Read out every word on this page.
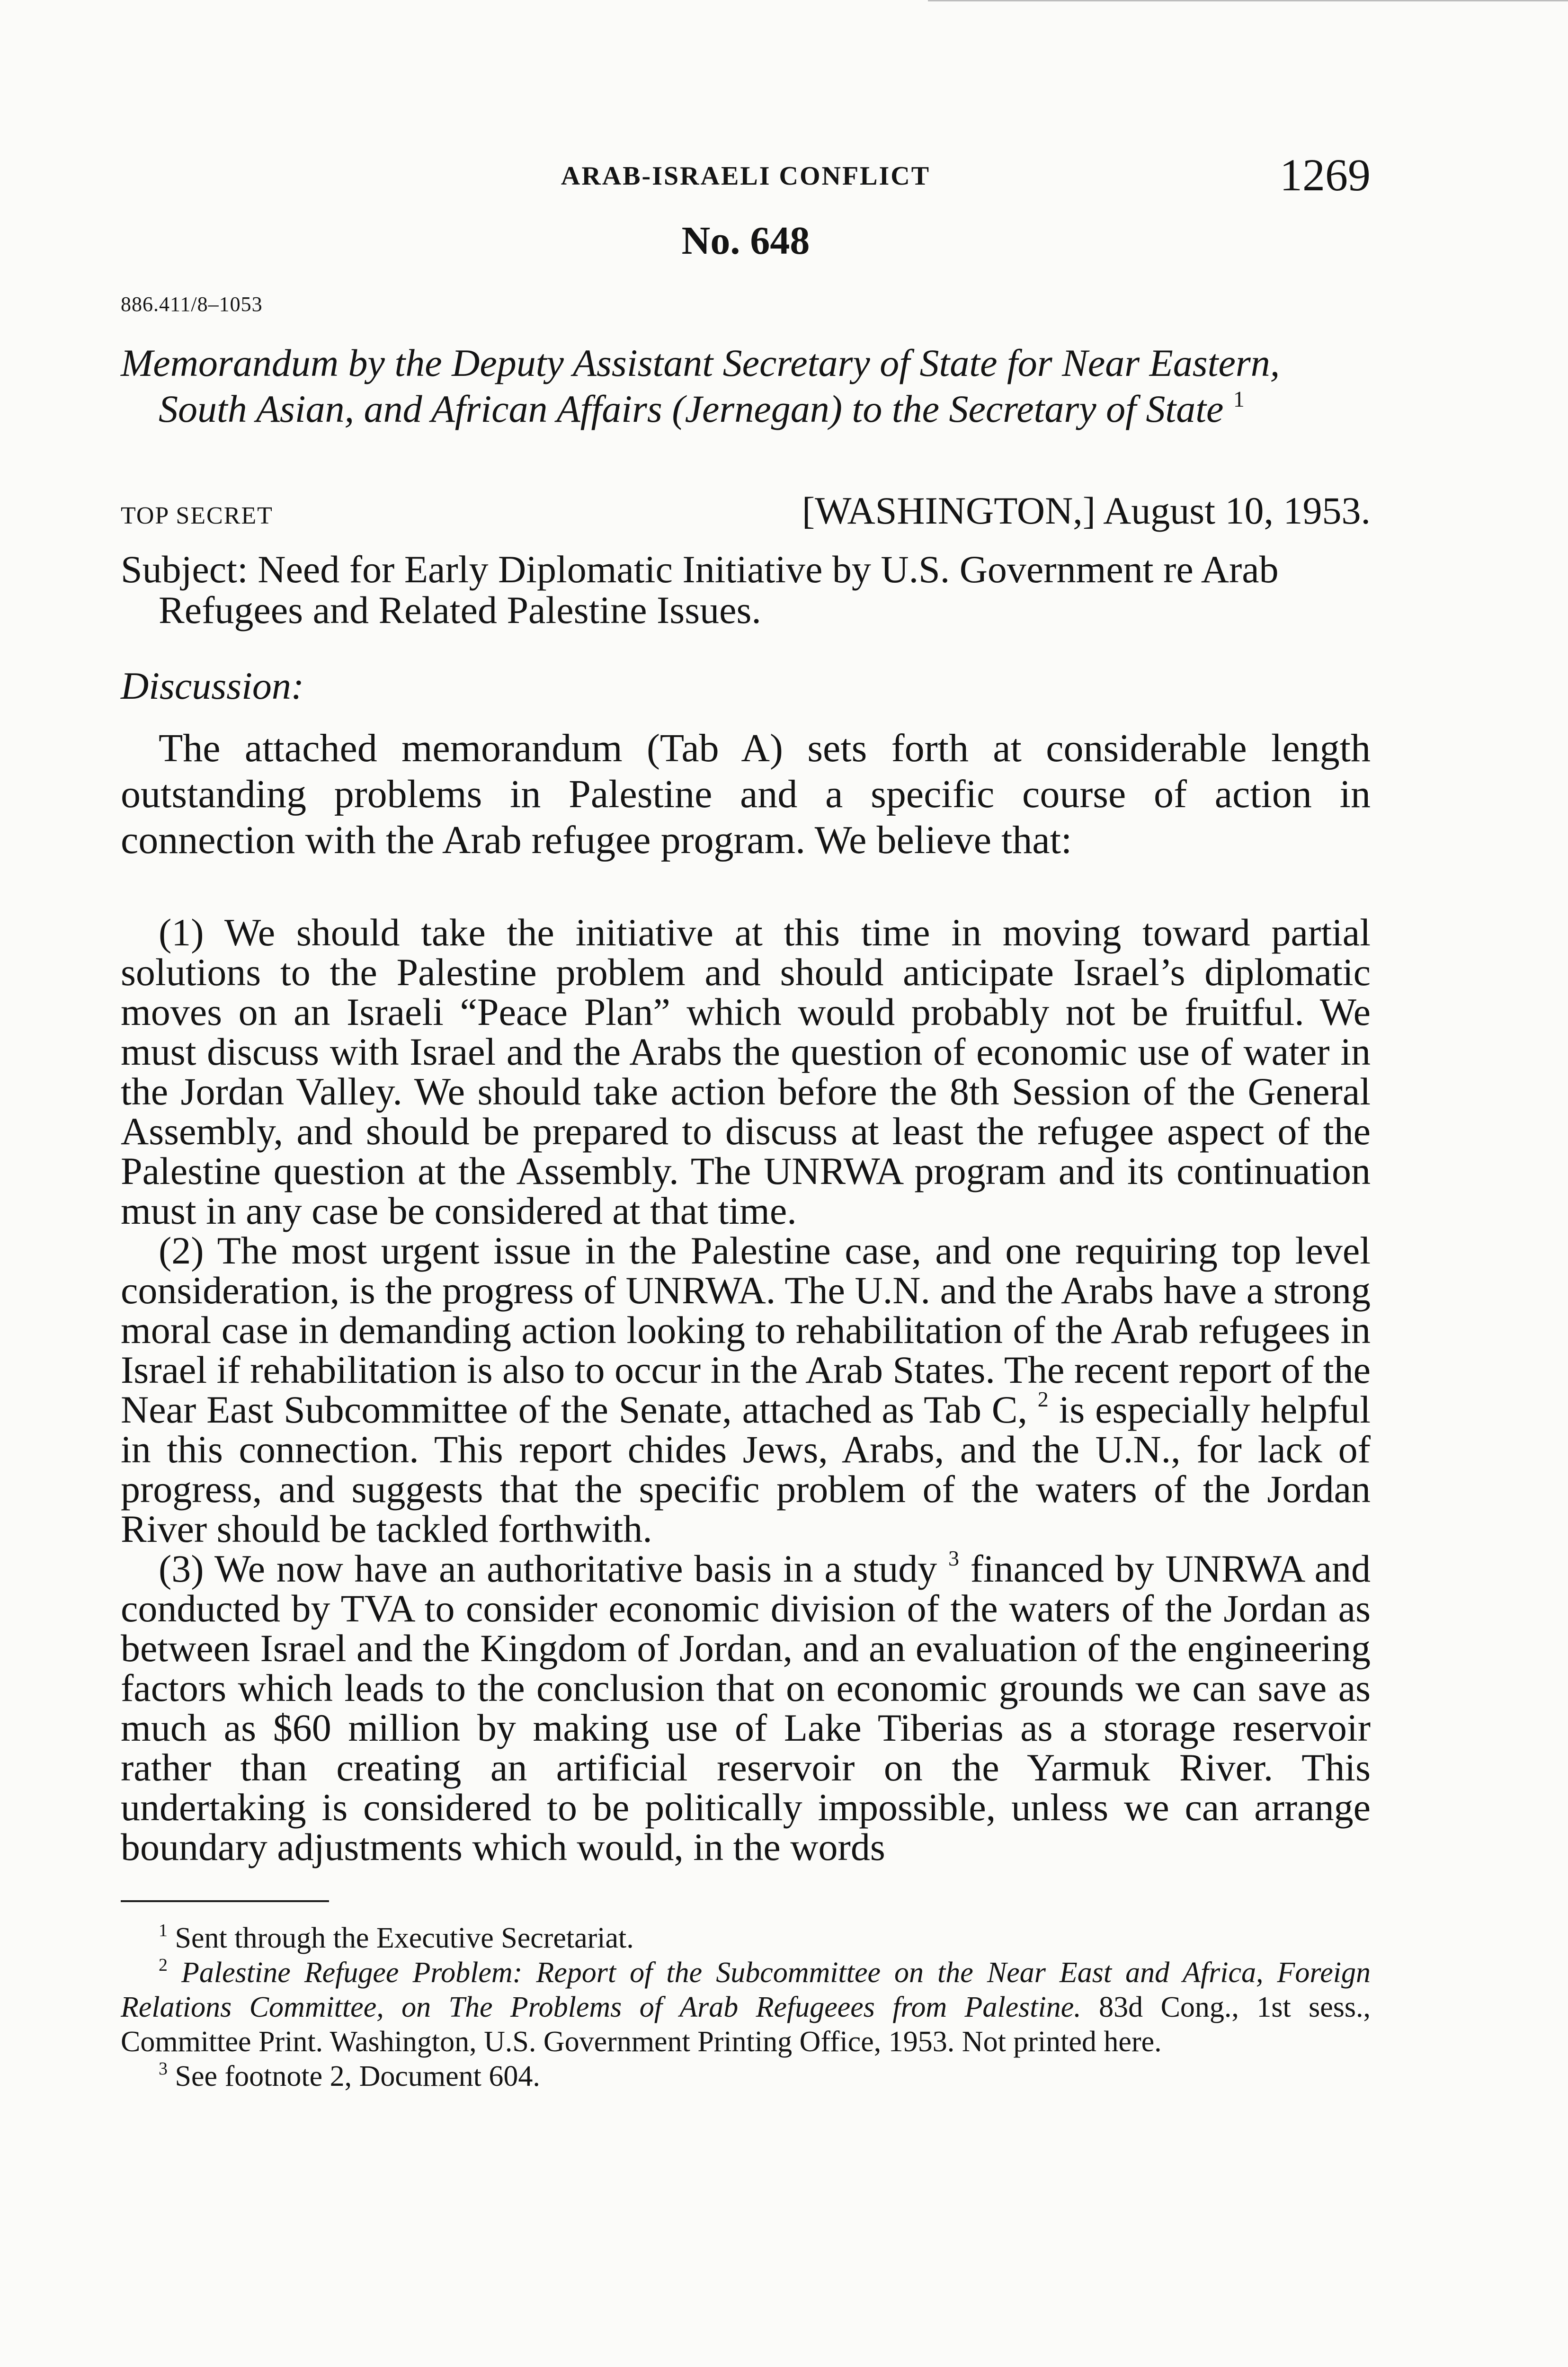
ARAB-ISRAELI CONFLICT	1269
No. 648
886.411/8–1053
Memorandum by the Deputy Assistant Secretary of State for Near Eastern, South Asian, and African Affairs (Jernegan) to the Secretary of State $^1$
TOP SECRET	[WASHINGTON,] August 10, 1953.
Subject: Need for Early Diplomatic Initiative by U.S. Government re Arab Refugees and Related Palestine Issues.
Discussion:

The attached memorandum (Tab A) sets forth at considerable length outstanding problems in Palestine and a specific course of action in connection with the Arab refugee program. We believe that:

(1) We should take the initiative at this time in moving toward partial solutions to the Palestine problem and should anticipate Israel’s diplomatic moves on an Israeli “Peace Plan” which would probably not be fruitful. We must discuss with Israel and the Arabs the question of economic use of water in the Jordan Valley. We should take action before the 8th Session of the General Assembly, and should be prepared to discuss at least the refugee aspect of the Palestine question at the Assembly. The UNRWA program and its continuation must in any case be considered at that time.

(2) The most urgent issue in the Palestine case, and one requiring top level consideration, is the progress of UNRWA. The U.N. and the Arabs have a strong moral case in demanding action looking to rehabilitation of the Arab refugees in Israel if rehabilitation is also to occur in the Arab States. The recent report of the Near East Subcommittee of the Senate, attached as Tab C, $^2$ is especially helpful in this connection. This report chides Jews, Arabs, and the U.N., for lack of progress, and suggests that the specific problem of the waters of the Jordan River should be tackled forthwith.

(3) We now have an authoritative basis in a study $^3$ financed by UNRWA and conducted by TVA to consider economic division of the waters of the Jordan as between Israel and the Kingdom of Jordan, and an evaluation of the engineering factors which leads to the conclusion that on economic grounds we can save as much as $60 million by making use of Lake Tiberias as a storage reservoir rather than creating an artificial reservoir on the Yarmuk River. This undertaking is considered to be politically impossible, unless we can arrange boundary adjustments which would, in the words

$^1$ Sent through the Executive Secretariat.

$^2$ Palestine Refugee Problem: Report of the Subcommittee on the Near East and Africa, Foreign Relations Committee, on The Problems of Arab Refugeees from Palestine. 83d Cong., 1st sess., Committee Print. Washington, U.S. Government Printing Office, 1953. Not printed here.

$^3$ See footnote 2, Document 604.
